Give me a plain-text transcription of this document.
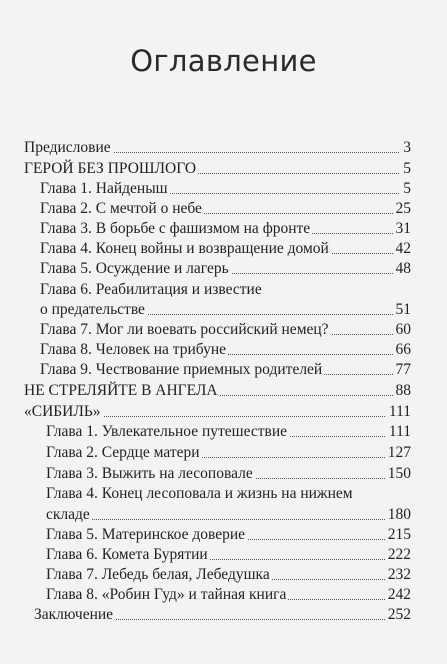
Оглавление
Предисловие	3
ГЕРОЙ БЕЗ ПРОШЛОГО	5
Глава 1. Найденыш	5
Глава 2. С мечтой о небе	25
Глава 3. В борьбе с фашизмом на фронте	31
Глава 4. Конец войны и возвращение домой	42
Глава 5. Осуждение и лагерь	48
Глава 6. Реабилитация и известие
о предательстве	51
Глава 7. Мог ли воевать российский немец?	60
Глава 8. Человек на трибуне	66
Глава 9. Чествование приемных родителей	77
НЕ СТРЕЛЯЙТЕ В АНГЕЛА	88
«СИБИЛЬ»	111
Глава 1. Увлекательное путешествие	111
Глава 2. Сердце матери	127
Глава 3. Выжить на лесоповале	150
Глава 4. Конец лесоповала и жизнь на нижнем
складе	180
Глава 5. Материнское доверие	215
Глава 6. Комета Бурятии	222
Глава 7. Лебедь белая, Лебедушка	232
Глава 8. «Робин Гуд» и тайная книга	242
Заключение	252
